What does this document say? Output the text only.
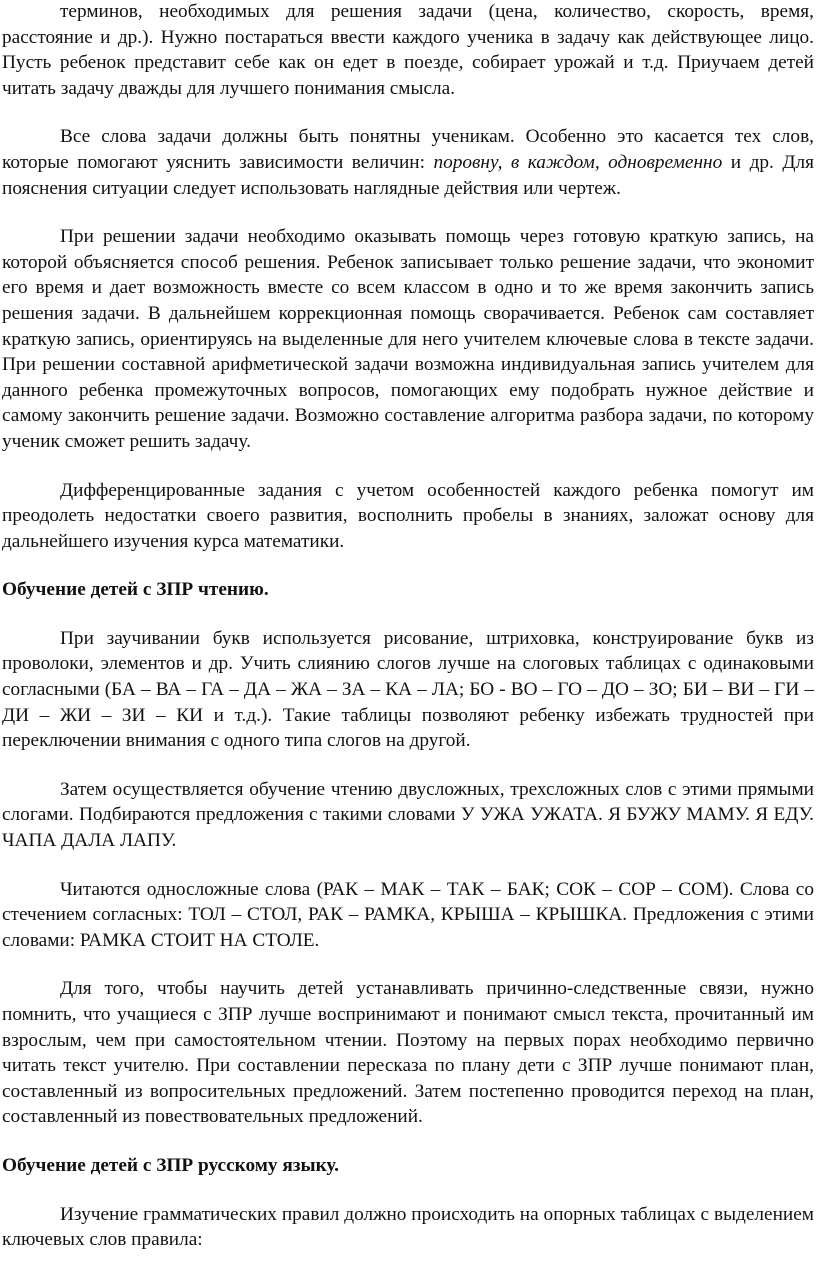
терминов, необходимых для решения задачи (цена, количество, скорость, время, расстояние и др.). Нужно постараться ввести каждого ученика в задачу как действующее лицо. Пусть ребенок представит себе как он едет в поезде, собирает урожай и т.д. Приучаем детей читать задачу дважды для лучшего понимания смысла.

Все слова задачи должны быть понятны ученикам. Особенно это касается тех слов, которые помогают уяснить зависимости величин: поровну, в каждом, одновременно и др. Для пояснения ситуации следует использовать наглядные действия или чертеж.

При решении задачи необходимо оказывать помощь через готовую краткую запись, на которой объясняется способ решения. Ребенок записывает только решение задачи, что экономит его время и дает возможность вместе со всем классом в одно и то же время закончить запись решения задачи. В дальнейшем коррекционная помощь сворачивается. Ребенок сам составляет краткую запись, ориентируясь на выделенные для него учителем ключевые слова в тексте задачи. При решении составной арифметической задачи возможна индивидуальная запись учителем для данного ребенка промежуточных вопросов, помогающих ему подобрать нужное действие и самому закончить решение задачи. Возможно составление алгоритма разбора задачи, по которому ученик сможет решить задачу.

Дифференцированные задания с учетом особенностей каждого ребенка помогут им преодолеть недостатки своего развития, восполнить пробелы в знаниях, заложат основу для дальнейшего изучения курса математики.

Обучение детей с ЗПР чтению.

При заучивании букв используется рисование, штриховка, конструирование букв из проволоки, элементов и др. Учить слиянию слогов лучше на слоговых таблицах с одинаковыми согласными (БА – ВА – ГА – ДА – ЖА – ЗА – КА – ЛА; БО - ВО – ГО – ДО – ЗО; БИ – ВИ – ГИ – ДИ – ЖИ – ЗИ – КИ и т.д.). Такие таблицы позволяют ребенку избежать трудностей при переключении внимания с одного типа слогов на другой.

Затем осуществляется обучение чтению двусложных, трехсложных слов с этими прямыми слогами. Подбираются предложения с такими словами У УЖА УЖАТА. Я БУЖУ МАМУ. Я ЕДУ. ЧАПА ДАЛА ЛАПУ.

Читаются односложные слова (РАК – МАК – ТАК – БАК; СОК – СОР – СОМ). Слова со стечением согласных: ТОЛ – СТОЛ, РАК – РАМКА, КРЫША – КРЫШКА. Предложения с этими словами: РАМКА СТОИТ НА СТОЛЕ.

Для того, чтобы научить детей устанавливать причинно-следственные связи, нужно помнить, что учащиеся с ЗПР лучше воспринимают и понимают смысл текста, прочитанный им взрослым, чем при самостоятельном чтении. Поэтому на первых порах необходимо первично читать текст учителю. При составлении пересказа по плану дети с ЗПР лучше понимают план, составленный из вопросительных предложений. Затем постепенно проводится переход на план, составленный из повествовательных предложений.

Обучение детей с ЗПР русскому языку.

Изучение грамматических правил должно происходить на опорных таблицах с выделением ключевых слов правила:
